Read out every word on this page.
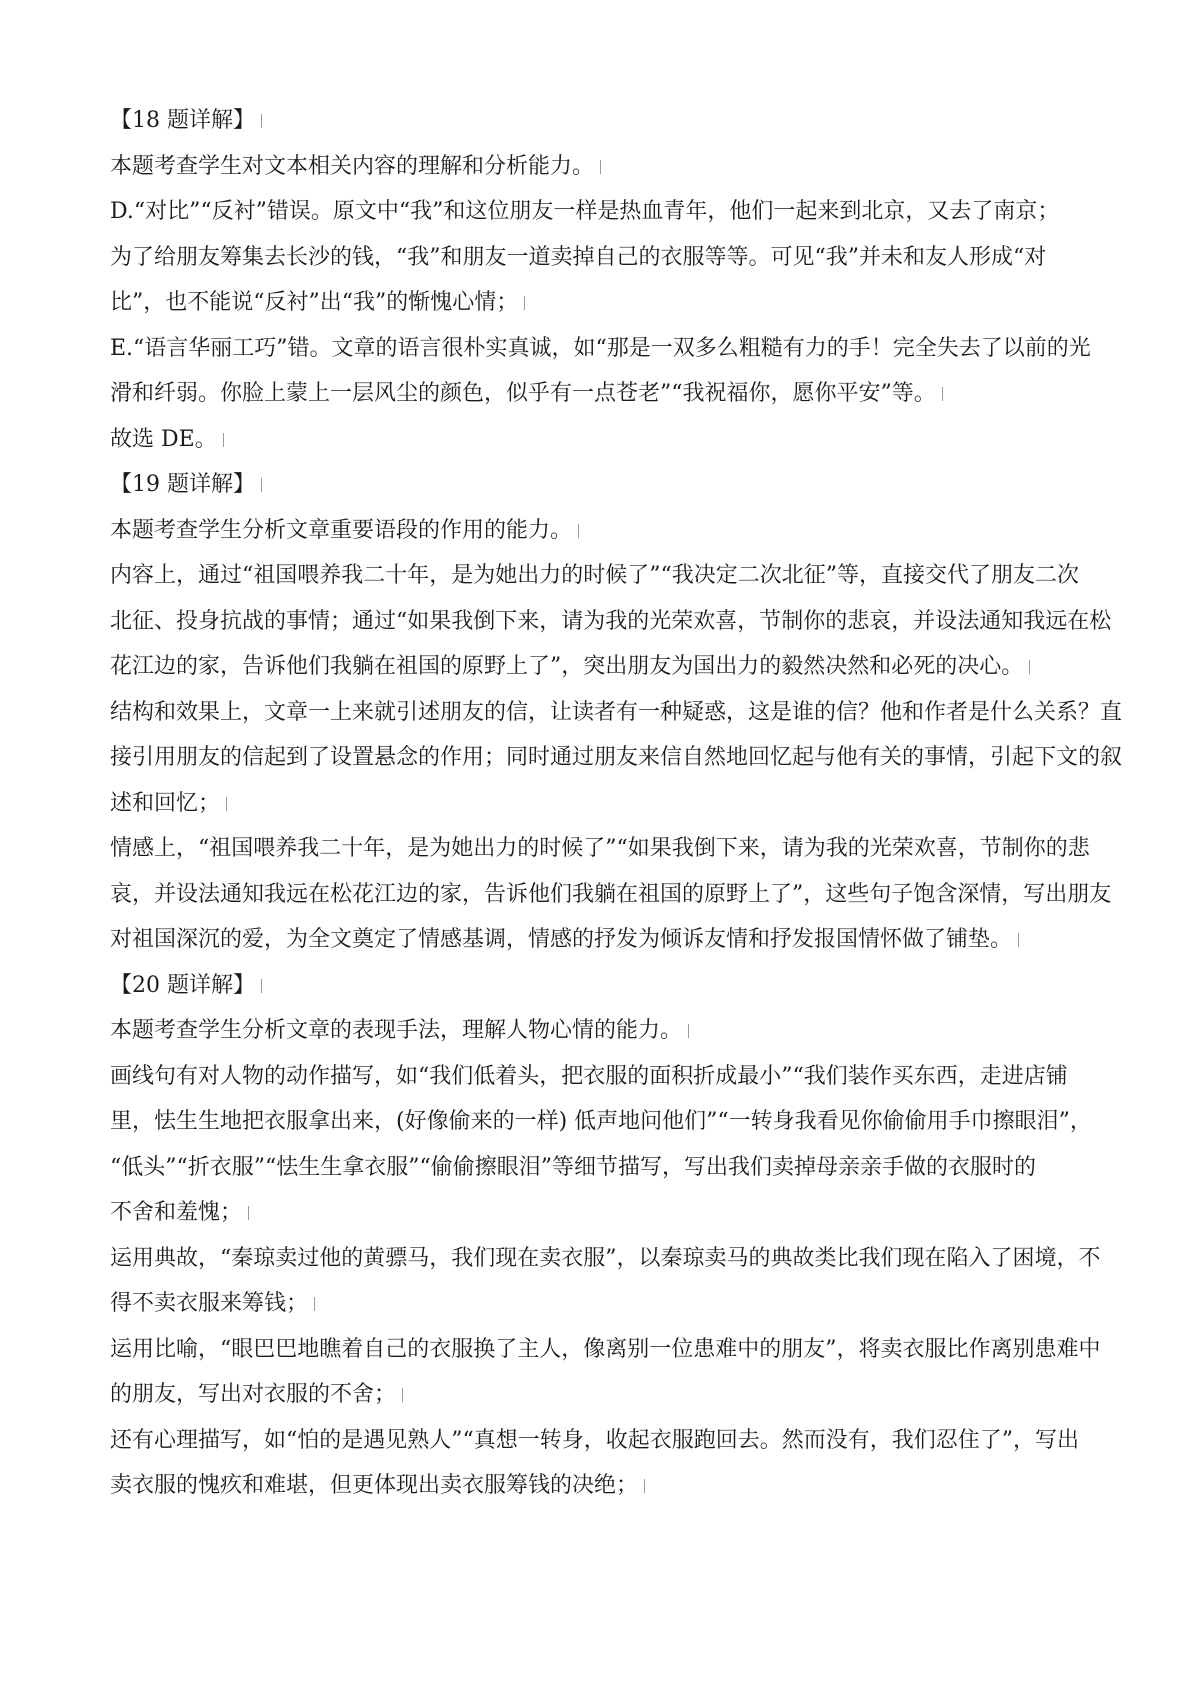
【18 题详解】
本题考查学生对文本相关内容的理解和分析能力。
D.“对比”“反衬”错误。原文中“我”和这位朋友一样是热血青年，他们一起来到北京，又去了南京；
为了给朋友筹集去长沙的钱，“我”和朋友一道卖掉自己的衣服等等。可见“我”并未和友人形成“对
比”，也不能说“反衬”出“我”的惭愧心情；
E.“语言华丽工巧”错。文章的语言很朴实真诚，如“那是一双多么粗糙有力的手！完全失去了以前的光
滑和纤弱。你脸上蒙上一层风尘的颜色，似乎有一点苍老”“我祝福你，愿你平安”等。
故选 DE。
【19 题详解】
本题考查学生分析文章重要语段的作用的能力。
内容上，通过“祖国喂养我二十年，是为她出力的时候了”“我决定二次北征”等，直接交代了朋友二次
北征、投身抗战的事情；通过“如果我倒下来，请为我的光荣欢喜，节制你的悲哀，并设法通知我远在松
花江边的家，告诉他们我躺在祖国的原野上了”，突出朋友为国出力的毅然决然和必死的决心。
结构和效果上，文章一上来就引述朋友的信，让读者有一种疑惑，这是谁的信？他和作者是什么关系？直
接引用朋友的信起到了设置悬念的作用；同时通过朋友来信自然地回忆起与他有关的事情，引起下文的叙
述和回忆；
情感上，“祖国喂养我二十年，是为她出力的时候了”“如果我倒下来，请为我的光荣欢喜，节制你的悲
哀，并设法通知我远在松花江边的家，告诉他们我躺在祖国的原野上了”，这些句子饱含深情，写出朋友
对祖国深沉的爱，为全文奠定了情感基调，情感的抒发为倾诉友情和抒发报国情怀做了铺垫。
【20 题详解】
本题考查学生分析文章的表现手法，理解人物心情的能力。
画线句有对人物的动作描写，如“我们低着头，把衣服的面积折成最小”“我们装作买东西，走进店铺
里，怯生生地把衣服拿出来，(好像偷来的一样) 低声地问他们”“一转身我看见你偷偷用手巾擦眼泪”，
“低头”“折衣服”“怯生生拿衣服”“偷偷擦眼泪”等细节描写，写出我们卖掉母亲亲手做的衣服时的
不舍和羞愧；
运用典故，“秦琼卖过他的黄骠马，我们现在卖衣服”，以秦琼卖马的典故类比我们现在陷入了困境，不
得不卖衣服来筹钱；
运用比喻，“眼巴巴地瞧着自己的衣服换了主人，像离别一位患难中的朋友”，将卖衣服比作离别患难中
的朋友，写出对衣服的不舍；
还有心理描写，如“怕的是遇见熟人”“真想一转身，收起衣服跑回去。然而没有，我们忍住了”，写出
卖衣服的愧疚和难堪，但更体现出卖衣服筹钱的决绝；
